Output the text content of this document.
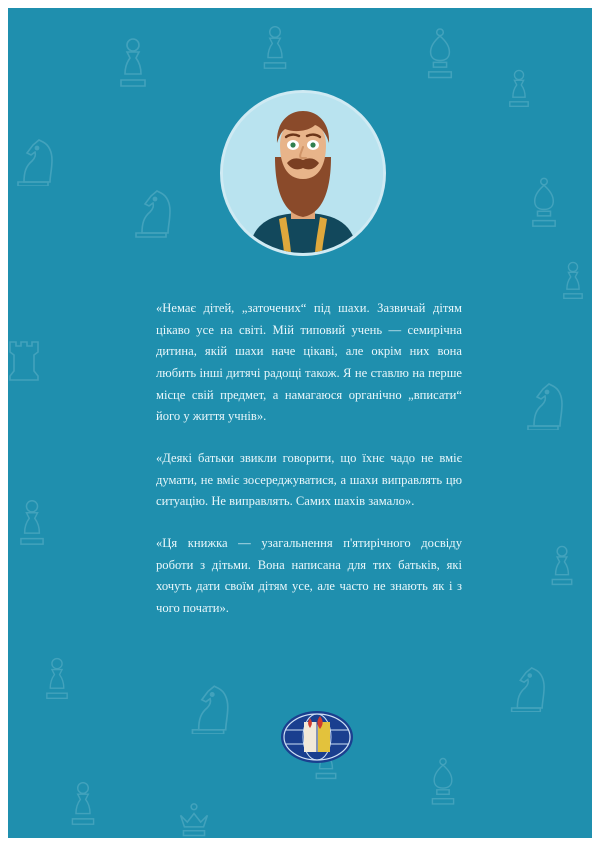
«Немає дітей, „заточених“ під шахи. Зазвичай дітям цікаво усе на світі. Мій типовий учень — семирічна дитина, якій шахи наче цікаві, але окрім них вона любить інші дитячі радощі також. Я не ставлю на перше місце свій предмет, а намагаюся органічно „вписати“ його у життя учнів».

«Деякі батьки звикли говорити, що їхнє чадо не вміє думати, не вміє зосереджуватися, а шахи виправлять цю ситуацію. Не виправлять. Самих шахів замало».

«Ця книжка — узагальнення п'ятирічного досвіду роботи з дітьми. Вона написана для тих батьків, які хочуть дати своїм дітям усе, але часто не знають як і з чого почати».
